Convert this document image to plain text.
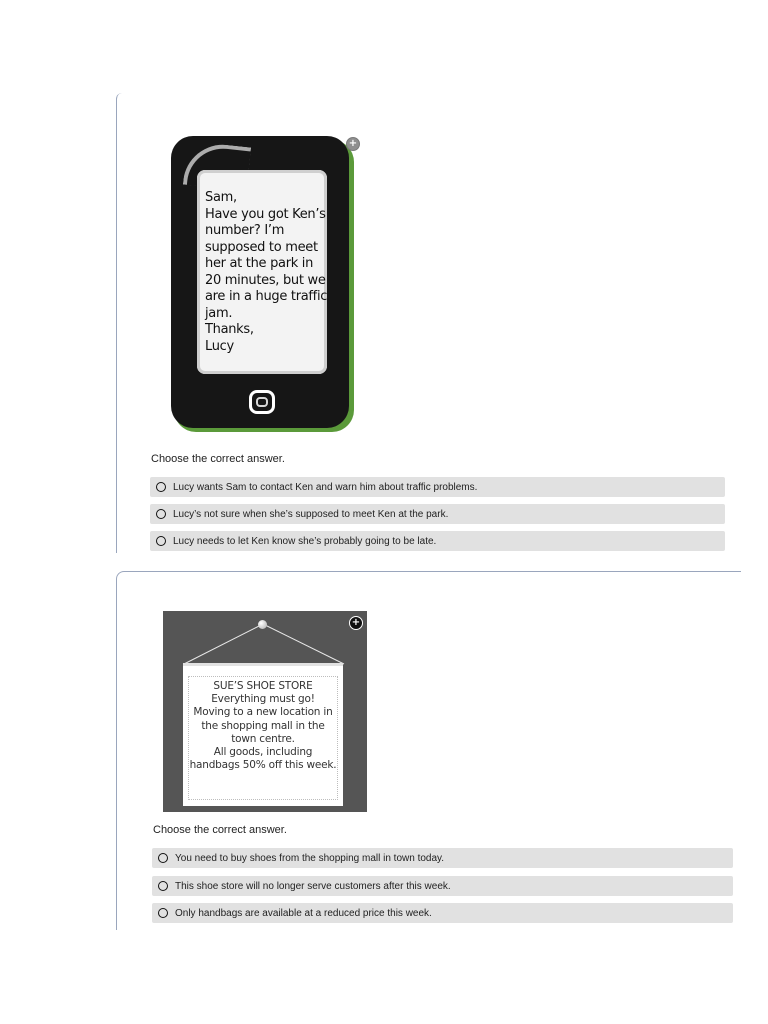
Sam,
Have you got Ken’s
number? I’m
supposed to meet
her at the park in
20 minutes, but we
are in a huge traffic
jam.
Thanks,
Lucy
+
Choose the correct answer.
Lucy wants Sam to contact Ken and warn him about traffic problems.
Lucy’s not sure when she’s supposed to meet Ken at the park.
Lucy needs to let Ken know she’s probably going to be late.
SUE’S SHOE STORE
Everything must go!
Moving to a new location in
the shopping mall in the
town centre.
All goods, including
handbags 50% off this week.
+
Choose the correct answer.
You need to buy shoes from the shopping mall in town today.
This shoe store will no longer serve customers after this week.
Only handbags are available at a reduced price this week.
